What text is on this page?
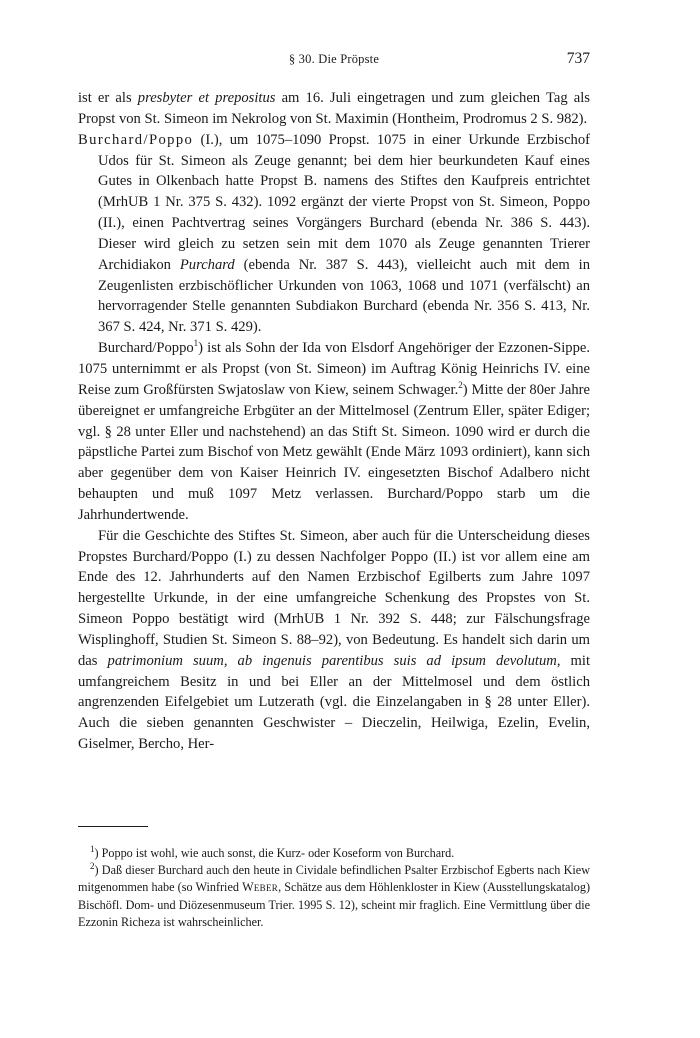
§ 30. Die Pröpste	737

ist er als presbyter et prepositus am 16. Juli eingetragen und zum gleichen Tag als Propst von St. Simeon im Nekrolog von St. Maximin (Hontheim, Prodromus 2 S. 982).

Burchard/Poppo (I.), um 1075–1090 Propst. 1075 in einer Urkunde Erzbischof Udos für St. Simeon als Zeuge genannt; bei dem hier beurkundeten Kauf eines Gutes in Olkenbach hatte Propst B. namens des Stiftes den Kaufpreis entrichtet (MrhUB 1 Nr. 375 S. 432). 1092 ergänzt der vierte Propst von St. Simeon, Poppo (II.), einen Pachtvertrag seines Vorgängers Burchard (ebenda Nr. 386 S. 443). Dieser wird gleich zu setzen sein mit dem 1070 als Zeuge genannten Trierer Archidiakon Purchard (ebenda Nr. 387 S. 443), vielleicht auch mit dem in Zeugenlisten erzbischöflicher Urkunden von 1063, 1068 und 1071 (verfälscht) an hervorragender Stelle genannten Subdiakon Burchard (ebenda Nr. 356 S. 413, Nr. 367 S. 424, Nr. 371 S. 429).

Burchard/Poppo$^1$) ist als Sohn der Ida von Elsdorf Angehöriger der Ezzonen-Sippe. 1075 unternimmt er als Propst (von St. Simeon) im Auftrag König Heinrichs IV. eine Reise zum Großfürsten Swjatoslaw von Kiew, seinem Schwager.$^2$) Mitte der 80er Jahre übereignet er umfangreiche Erbgüter an der Mittelmosel (Zentrum Eller, später Ediger; vgl. § 28 unter Eller und nachstehend) an das Stift St. Simeon. 1090 wird er durch die päpstliche Partei zum Bischof von Metz gewählt (Ende März 1093 ordiniert), kann sich aber gegenüber dem von Kaiser Heinrich IV. eingesetzten Bischof Adalbero nicht behaupten und muß 1097 Metz verlassen. Burchard/Poppo starb um die Jahrhundertwende.

Für die Geschichte des Stiftes St. Simeon, aber auch für die Unterscheidung dieses Propstes Burchard/Poppo (I.) zu dessen Nachfolger Poppo (II.) ist vor allem eine am Ende des 12. Jahrhunderts auf den Namen Erzbischof Egilberts zum Jahre 1097 hergestellte Urkunde, in der eine umfangreiche Schenkung des Propstes von St. Simeon Poppo bestätigt wird (MrhUB 1 Nr. 392 S. 448; zur Fälschungsfrage Wisplinghoff, Studien St. Simeon S. 88–92), von Bedeutung. Es handelt sich darin um das patrimonium suum, ab ingenuis parentibus suis ad ipsum devolutum, mit umfangreichem Besitz in und bei Eller an der Mittelmosel und dem östlich angrenzenden Eifelgebiet um Lutzerath (vgl. die Einzelangaben in § 28 unter Eller). Auch die sieben genannten Geschwister – Dieczelin, Heilwiga, Ezelin, Evelin, Giselmer, Bercho, Her-

$^1$) Poppo ist wohl, wie auch sonst, die Kurz- oder Koseform von Burchard.

$^2$) Daß dieser Burchard auch den heute in Cividale befindlichen Psalter Erzbischof Egberts nach Kiew mitgenommen habe (so Winfried Weber, Schätze aus dem Höhlenkloster in Kiew (Ausstellungskatalog) Bischöfl. Dom- und Diözesenmuseum Trier. 1995 S. 12), scheint mir fraglich. Eine Vermittlung über die Ezzonin Richeza ist wahrscheinlicher.
